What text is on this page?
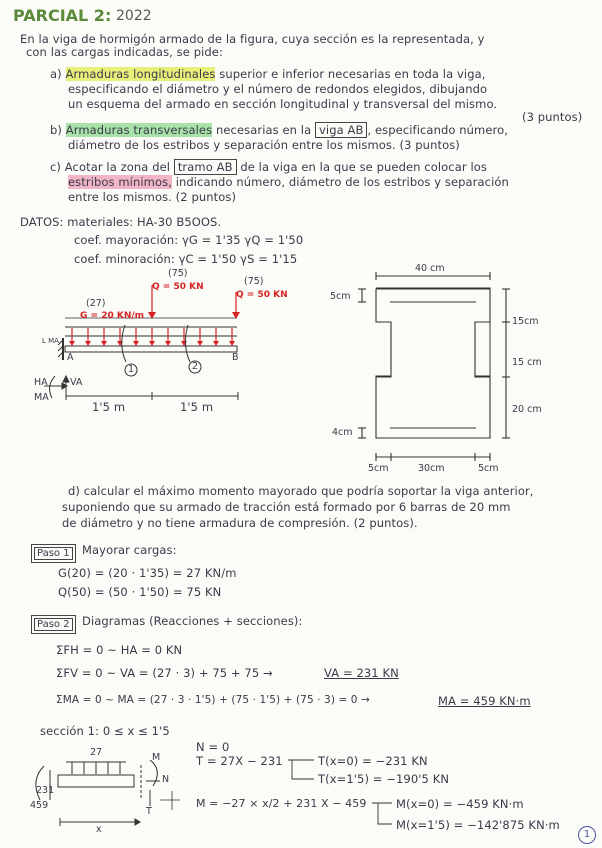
PARCIAL 2: 2022
En la viga de hormigón armado de la figura, cuya sección es la representada, y
con las cargas indicadas, se pide:
a) Armaduras longitudinales superior e inferior necesarias en toda la viga,
especificando el diámetro y el número de redondos elegidos, dibujando
un esquema del armado en sección longitudinal y transversal del mismo.
(3 puntos)
b) Armaduras transversales necesarias en la viga AB , especificando número,
diámetro de los estribos y separación entre los mismos. (3 puntos)
c) Acotar la zona del tramo AB de la viga en la que se pueden colocar los
estribos mínimos, indicando número, diámetro de los estribos y separación
entre los mismos. (2 puntos)
DATOS: materiales: HA-30 B5OOS.
coef. mayoración: γG = 1'35 γQ = 1'50
coef. minoración: γC = 1'50 γS = 1'15
(75)
Q = 50 KN	(75)
Q = 50 KN
(27)
G = 20 KN/m
L MA
A	B
1	2
HA VA
MA
1'5 m	1'5 m
40 cm
5cm
15cm
15 cm
20 cm
4cm
5cm	30cm	5cm
d) calcular el máximo momento mayorado que podría soportar la viga anterior,
suponiendo que su armado de tracción está formado por 6 barras de 20 mm
de diámetro y no tiene armadura de compresión. (2 puntos).
Paso 1 Mayorar cargas:
G(20) = (20 · 1'35) = 27 KN/m
Q(50) = (50 · 1'50) = 75 KN
Paso 2 Diagramas (Reacciones + secciones):
ΣFH = 0 ~ HA = 0 KN
ΣFV = 0 ~ VA = (27 · 3) + 75 + 75 →	VA = 231 KN
ΣMA = 0 ~ MA = (27 · 3 · 1'5) + (75 · 1'5) + (75 · 3) = 0 →	MA = 459 KN·m
sección 1: 0 ≤ x ≤ 1'5
27
231
459
x
M
N
T
N = 0
T = 27X − 231	T(x=0) = −231 KN
T(x=1'5) = −190'5 KN
M = −27 × x/2 + 231 X − 459	M(x=0) = −459 KN·m
M(x=1'5) = −142'875 KN·m
1
